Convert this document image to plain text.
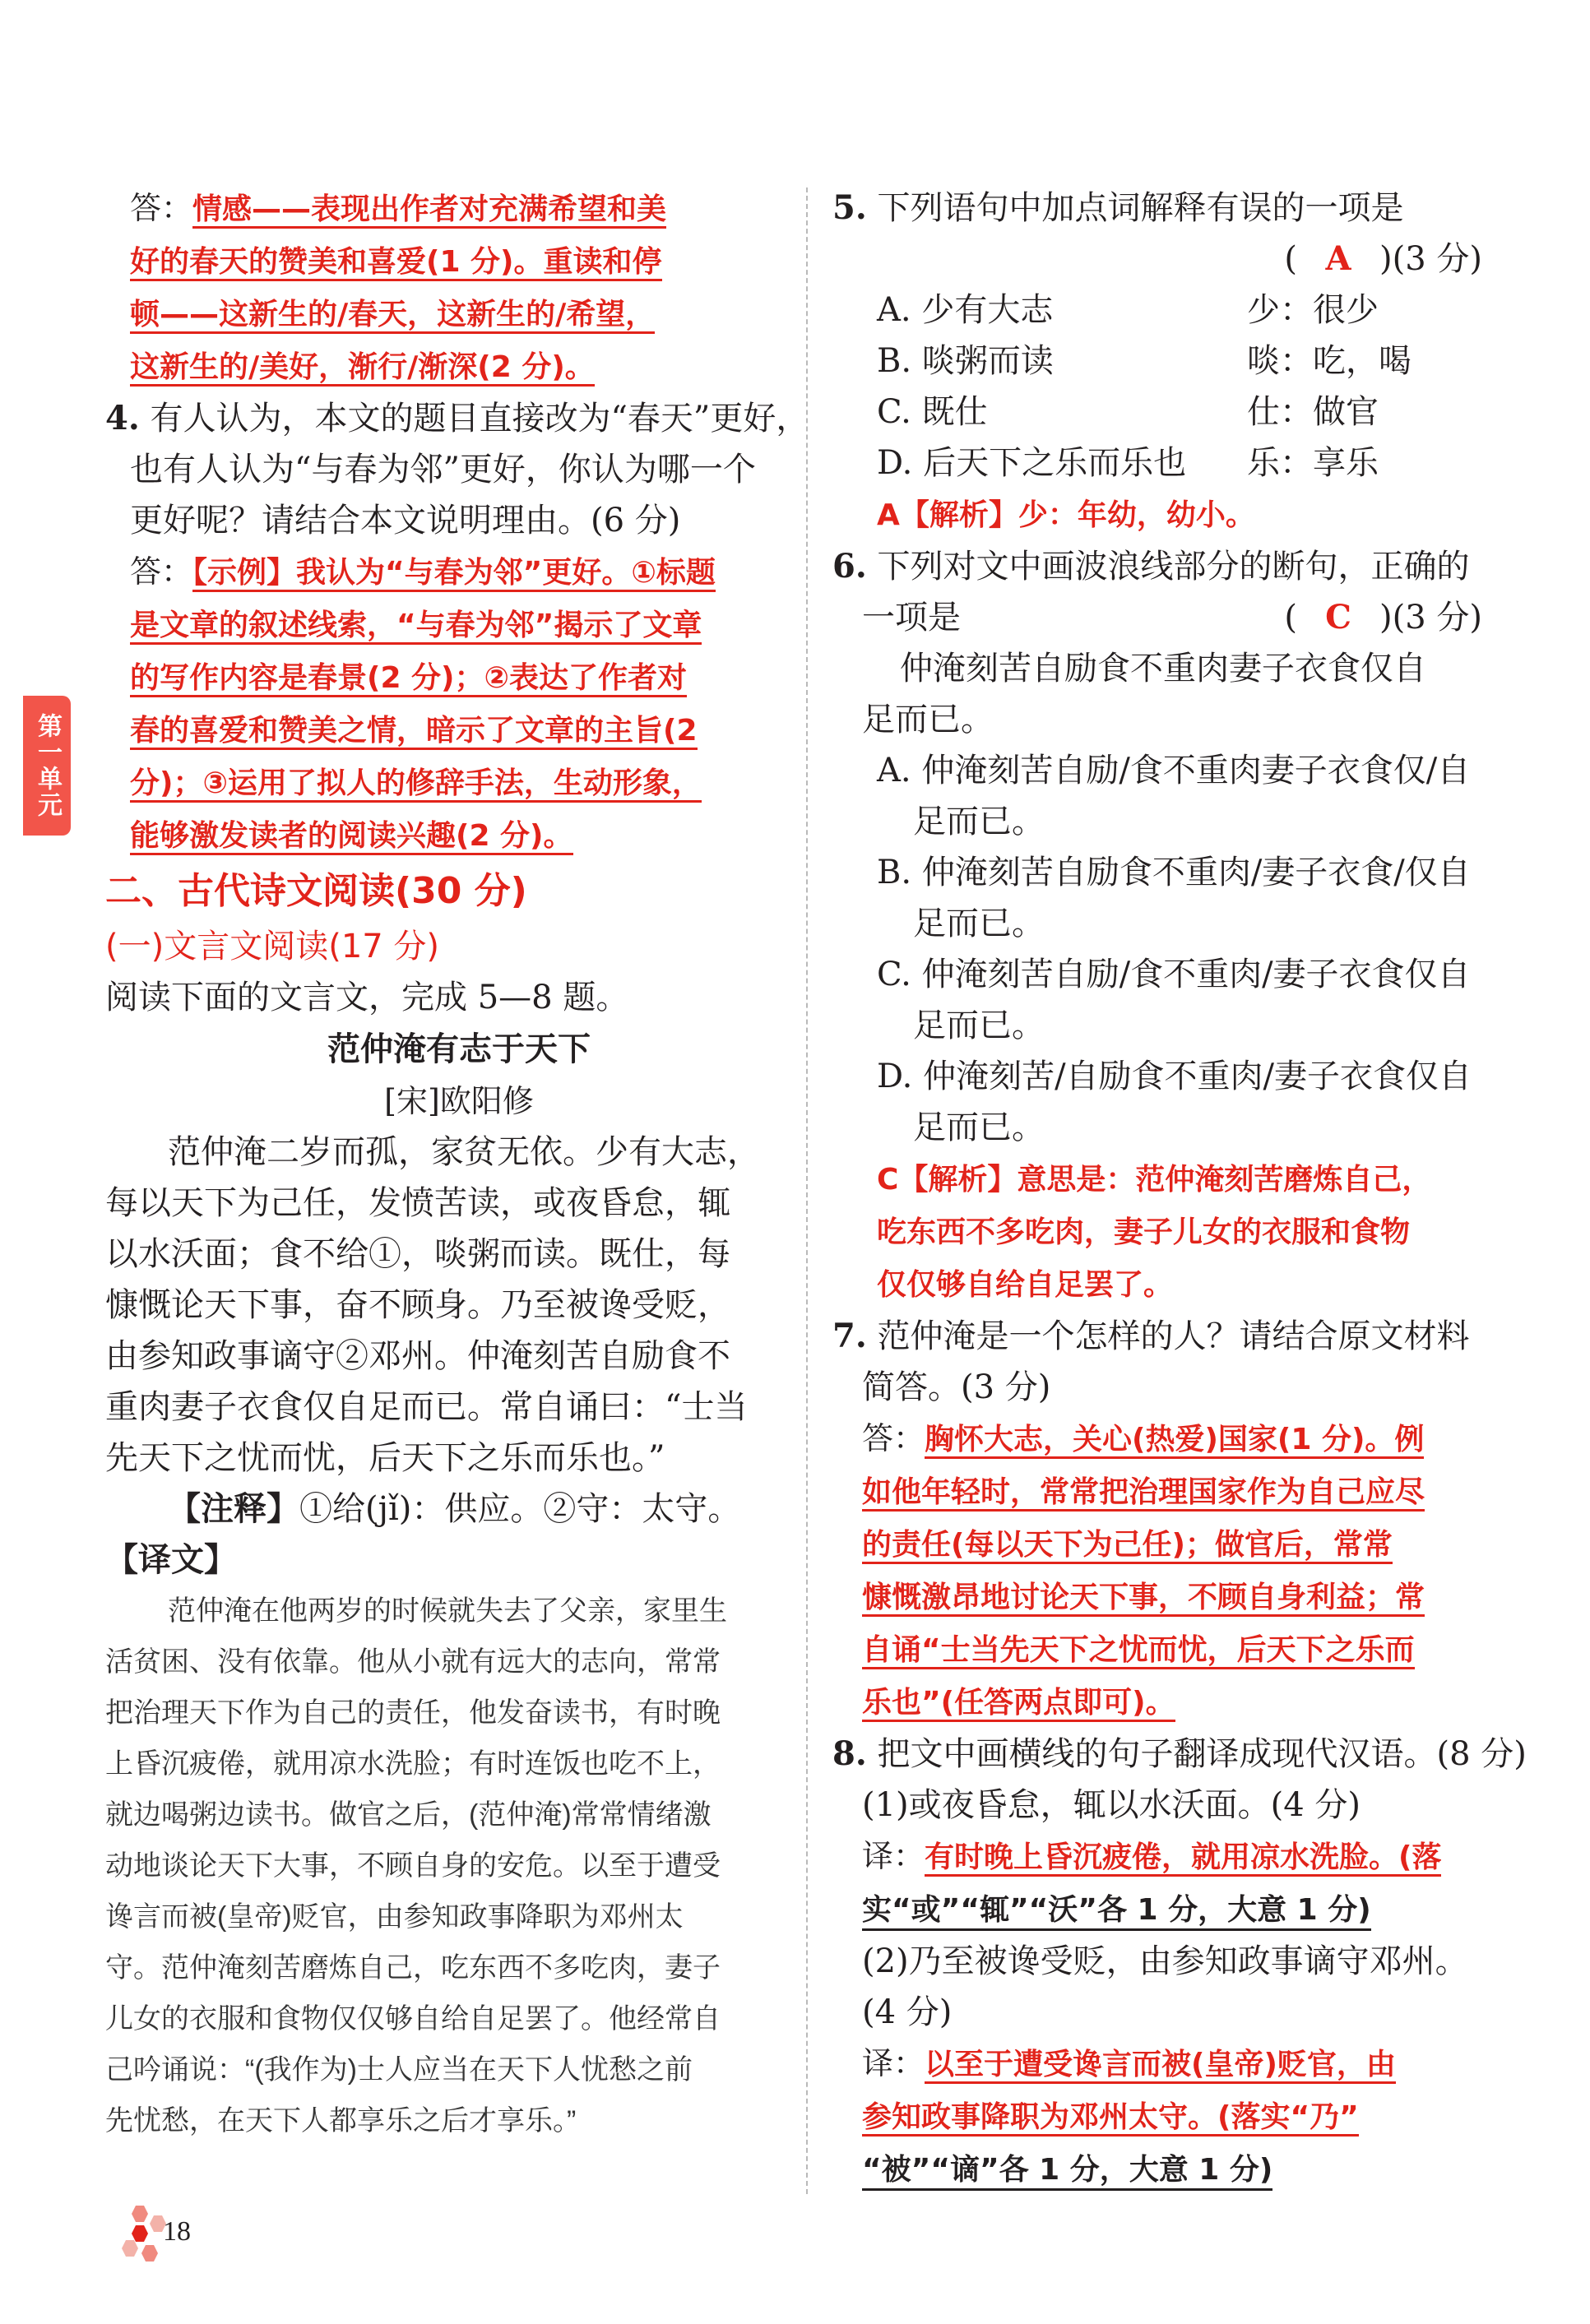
第一单元
答：情感——表现出作者对充满希望和美
好的春天的赞美和喜爱(1 分)。重读和停
顿——这新生的/春天，这新生的/希望，
这新生的/美好，渐行/渐深(2 分)。
4. 有人认为，本文的题目直接改为“春天”更好，
也有人认为“与春为邻”更好，你认为哪一个
更好呢？请结合本文说明理由。(6 分)
答：【示例】我认为“与春为邻”更好。①标题
是文章的叙述线索，“与春为邻”揭示了文章
的写作内容是春景(2 分)；②表达了作者对
春的喜爱和赞美之情，暗示了文章的主旨(2
分)；③运用了拟人的修辞手法，生动形象，
能够激发读者的阅读兴趣(2 分)。
二、古代诗文阅读(30 分)
(一)文言文阅读(17 分)
阅读下面的文言文，完成 5—8 题。
范仲淹有志于天下
[宋]欧阳修
范仲淹二岁而孤，家贫无依。少有大志，
每以天下为己任，发愤苦读，或夜昏怠，辄
以水沃面；食不给①，啖粥而读。既仕，每
慷慨论天下事，奋不顾身。乃至被谗受贬，
由参知政事谪守②邓州。仲淹刻苦自励食不
重肉妻子衣食仅自足而已。常自诵曰：“士当
先天下之忧而忧，后天下之乐而乐也。”
【注释】①给(jǐ)：供应。②守：太守。
【译文】
范仲淹在他两岁的时候就失去了父亲，家里生
活贫困、没有依靠。他从小就有远大的志向，常常
把治理天下作为自己的责任，他发奋读书，有时晚
上昏沉疲倦，就用凉水洗脸；有时连饭也吃不上，
就边喝粥边读书。做官之后，(范仲淹)常常情绪激
动地谈论天下大事，不顾自身的安危。以至于遭受
谗言而被(皇帝)贬官，由参知政事降职为邓州太
守。范仲淹刻苦磨炼自己，吃东西不多吃肉，妻子
儿女的衣服和食物仅仅够自给自足罢了。他经常自
己吟诵说：“(我作为)士人应当在天下人忧愁之前
先忧愁，在天下人都享乐之后才享乐。”
5. 下列语句中加点词解释有误的一项是
( A )(3 分)
A. 少有大志	少：很少
B. 啖粥而读	啖：吃，喝
C. 既仕	仕：做官
D. 后天下之乐而乐也	乐：享乐
A【解析】少：年幼，幼小。
6. 下列对文中画波浪线部分的断句，正确的
一项是	( C )(3 分)
仲淹刻苦自励食不重肉妻子衣食仅自
足而已。
A. 仲淹刻苦自励/食不重肉妻子衣食仅/自
足而已。
B. 仲淹刻苦自励食不重肉/妻子衣食/仅自
足而已。
C. 仲淹刻苦自励/食不重肉/妻子衣食仅自
足而已。
D. 仲淹刻苦/自励食不重肉/妻子衣食仅自
足而已。
C【解析】意思是：范仲淹刻苦磨炼自己，
吃东西不多吃肉，妻子儿女的衣服和食物
仅仅够自给自足罢了。
7. 范仲淹是一个怎样的人？请结合原文材料
简答。(3 分)
答：胸怀大志，关心(热爱)国家(1 分)。例
如他年轻时，常常把治理国家作为自己应尽
的责任(每以天下为己任)；做官后，常常
慷慨激昂地讨论天下事，不顾自身利益；常
自诵“士当先天下之忧而忧，后天下之乐而
乐也”(任答两点即可)。
8. 把文中画横线的句子翻译成现代汉语。(8 分)
(1)或夜昏怠，辄以水沃面。(4 分)
译：有时晚上昏沉疲倦，就用凉水洗脸。(落
实“或”“辄”“沃”各 1 分，大意 1 分)
(2)乃至被谗受贬，由参知政事谪守邓州。
(4 分)
译：以至于遭受谗言而被(皇帝)贬官，由
参知政事降职为邓州太守。(落实“乃”
“被”“谪”各 1 分，大意 1 分)
18
